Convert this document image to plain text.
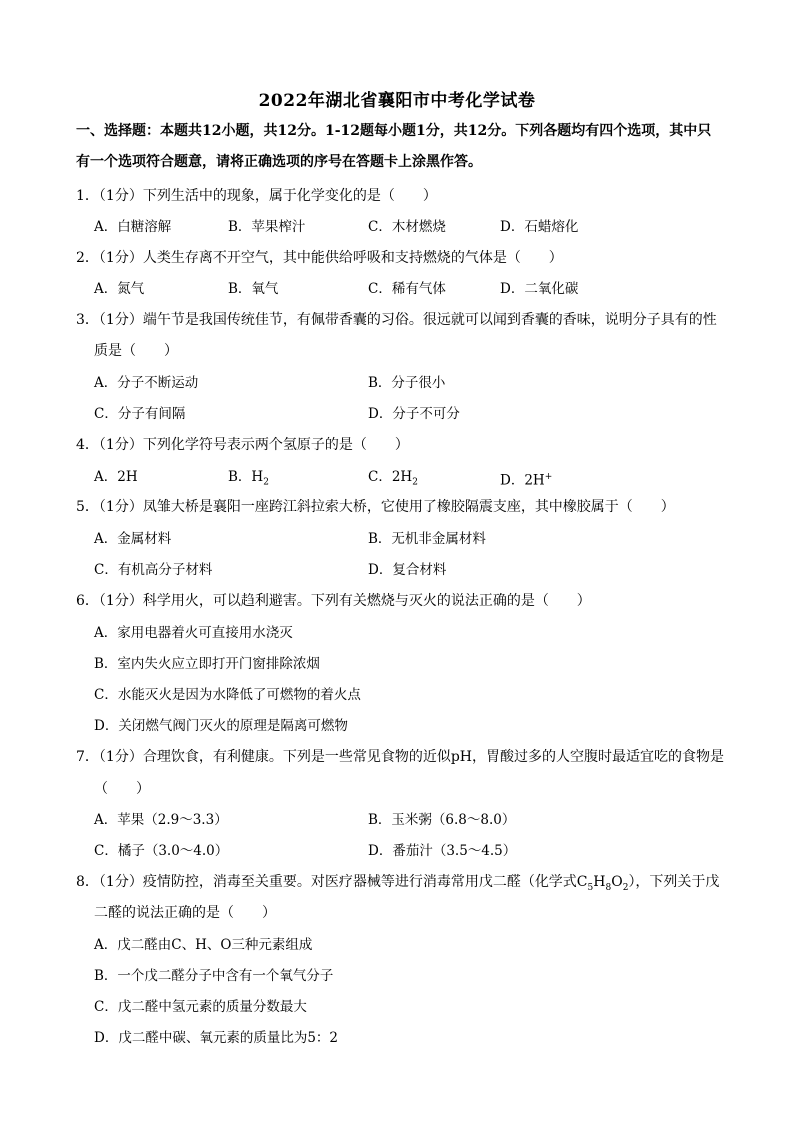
2022年湖北省襄阳市中考化学试卷
一、选择题：本题共12小题，共12分。1-12题每小题1分，共12分。下列各题均有四个选项，其中只
有一个选项符合题意，请将正确选项的序号在答题卡上涂黑作答。
1．（1分）下列生活中的现象，属于化学变化的是（　　）
A．白糖溶解	B．苹果榨汁	C．木材燃烧	D．石蜡熔化
2．（1分）人类生存离不开空气，其中能供给呼吸和支持燃烧的气体是（　　）
A．氮气	B．氧气	C．稀有气体	D．二氧化碳
3．（1分）端午节是我国传统佳节，有佩带香囊的习俗。很远就可以闻到香囊的香味，说明分子具有的性
质是（　　）
A．分子不断运动	B．分子很小
C．分子有间隔	D．分子不可分
4．（1分）下列化学符号表示两个氢原子的是（　　）
A．2H	B．$H_2$	C．$2H_2$	D．2H+
5．（1分）凤雏大桥是襄阳一座跨江斜拉索大桥，它使用了橡胶隔震支座，其中橡胶属于（　　）
A．金属材料	B．无机非金属材料
C．有机高分子材料	D．复合材料
6．（1分）科学用火，可以趋利避害。下列有关燃烧与灭火的说法正确的是（　　）
A．家用电器着火可直接用水浇灭
B．室内失火应立即打开门窗排除浓烟
C．水能灭火是因为水降低了可燃物的着火点
D．关闭燃气阀门灭火的原理是隔离可燃物
7．（1分）合理饮食，有利健康。下列是一些常见食物的近似pH，胃酸过多的人空腹时最适宜吃的食物是
（　　）
A．苹果（2.9～3.3）	B．玉米粥（6.8～8.0）
C．橘子（3.0～4.0）	D．番茄汁（3.5～4.5）
8．（1分）疫情防控，消毒至关重要。对医疗器械等进行消毒常用戊二醛（化学式$C_5H_8O_2$），下列关于戊
二醛的说法正确的是（　　）
A．戊二醛由C、H、O三种元素组成
B．一个戊二醛分子中含有一个氧气分子
C．戊二醛中氢元素的质量分数最大
D．戊二醛中碳、氧元素的质量比为5：2
